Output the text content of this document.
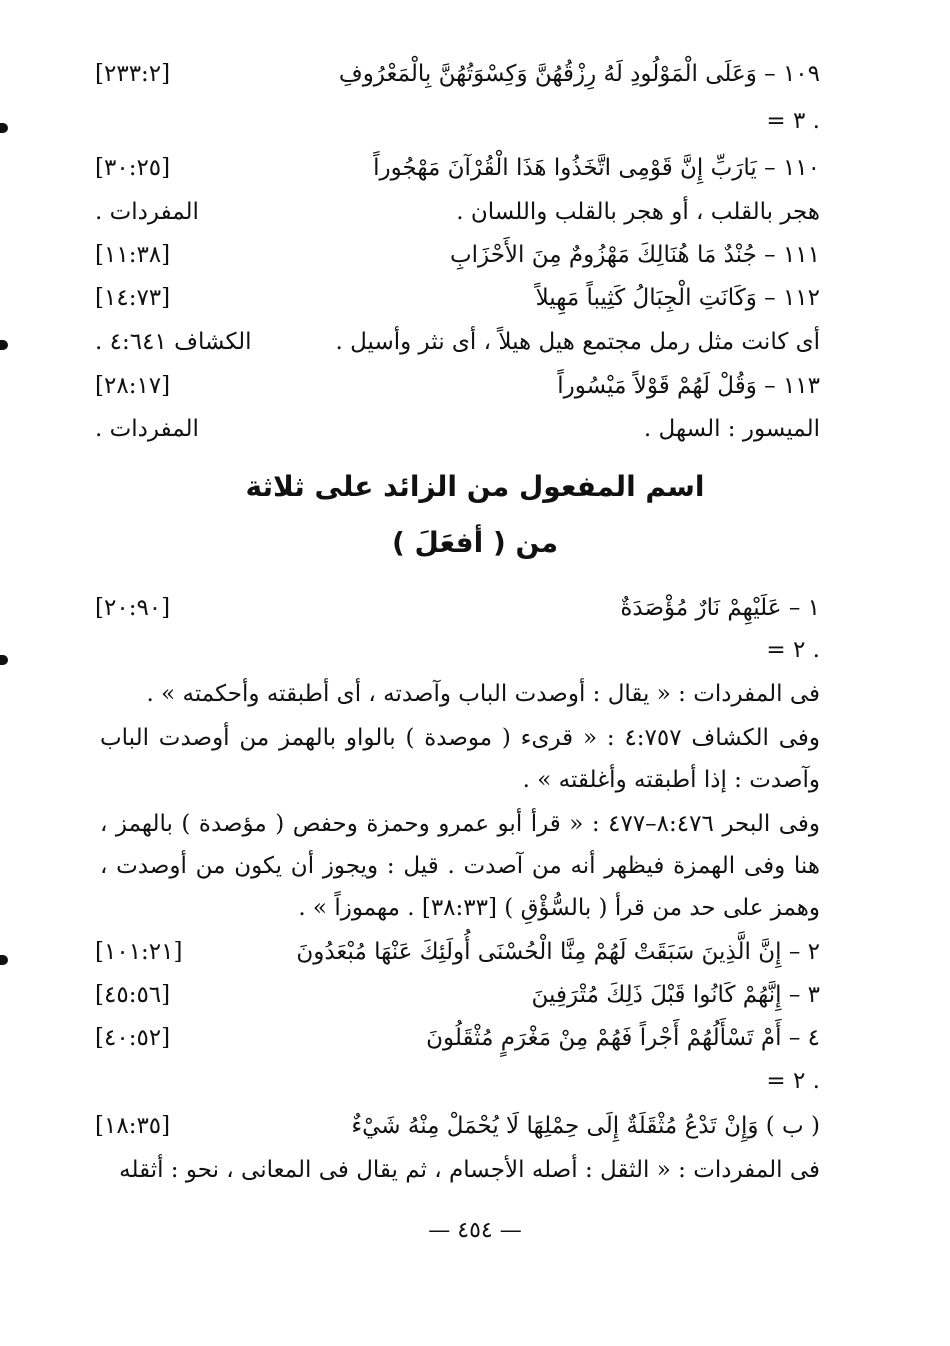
١٠٩ – وَعَلَى الْمَوْلُودِ لَهُ رِزْقُهُنَّ وَكِسْوَتُهُنَّ بِالْمَعْرُوفِ
[٢٣٣:٢]
= ٣ .
١١٠ – يَارَبِّ إِنَّ قَوْمِى اتَّخَذُوا هَذَا الْقُرْآنَ مَهْجُوراً
[٣٠:٢٥]
هجر بالقلب ، أو هجر بالقلب واللسان .
المفردات .
١١١ – جُنْدٌ مَا هُنَالِكَ مَهْزُومٌ مِنَ الأَحْزَابِ
[١١:٣٨]
١١٢ – وَكَانَتِ الْجِبَالُ كَثِيباً مَهِيلاً
[١٤:٧٣]
أى كانت مثل رمل مجتمع هيل هيلاً ، أى نثر وأسيل .
الكشاف ٤:٦٤١ .
١١٣ – وَقُلْ لَهُمْ قَوْلاً مَيْسُوراً
[٢٨:١٧]
الميسور : السهل .
المفردات .
اسم المفعول من الزائد على ثلاثة
من ( أفعَلَ )
١ – عَلَيْهِمْ نَارٌ مُؤْصَدَةٌ
[٢٠:٩٠]
= ٢ .
فى المفردات : « يقال : أوصدت الباب وآصدته ، أى أطبقته وأحكمته » .
وفى الكشاف ٤:٧٥٧ : « قرىء ( موصدة ) بالواو بالهمز من أوصدت الباب وآصدت : إذا أطبقته وأغلقته » .
وفى البحر ٨:٤٧٦–٤٧٧ : « قرأ أبو عمرو وحمزة وحفص ( مؤصدة ) بالهمز ، هنا وفى الهمزة فيظهر أنه من آصدت . قيل : ويجوز أن يكون من أوصدت ، وهمز على حد من قرأ ( بالسُّؤْقِ ) [٣٨:٣٣] . مهموزاً » .
٢ – إِنَّ الَّذِينَ سَبَقَتْ لَهُمْ مِنَّا الْحُسْنَى أُولَئِكَ عَنْهَا مُبْعَدُونَ
[١٠١:٢١]
٣ – إِنَّهُمْ كَانُوا قَبْلَ ذَلِكَ مُتْرَفِينَ
[٤٥:٥٦]
٤ – أَمْ تَسْأَلُهُمْ أَجْراً فَهُمْ مِنْ مَغْرَمٍ مُثْقَلُونَ
[٤٠:٥٢]
= ٢ .
( ب ) وَإِنْ تَدْعُ مُثْقَلَةٌ إِلَى حِمْلِهَا لَا يُحْمَلْ مِنْهُ شَيْءٌ
[١٨:٣٥]
فى المفردات : « الثقل : أصله الأجسام ، ثم يقال فى المعانى ، نحو : أثقله
— ٤٥٤ —
